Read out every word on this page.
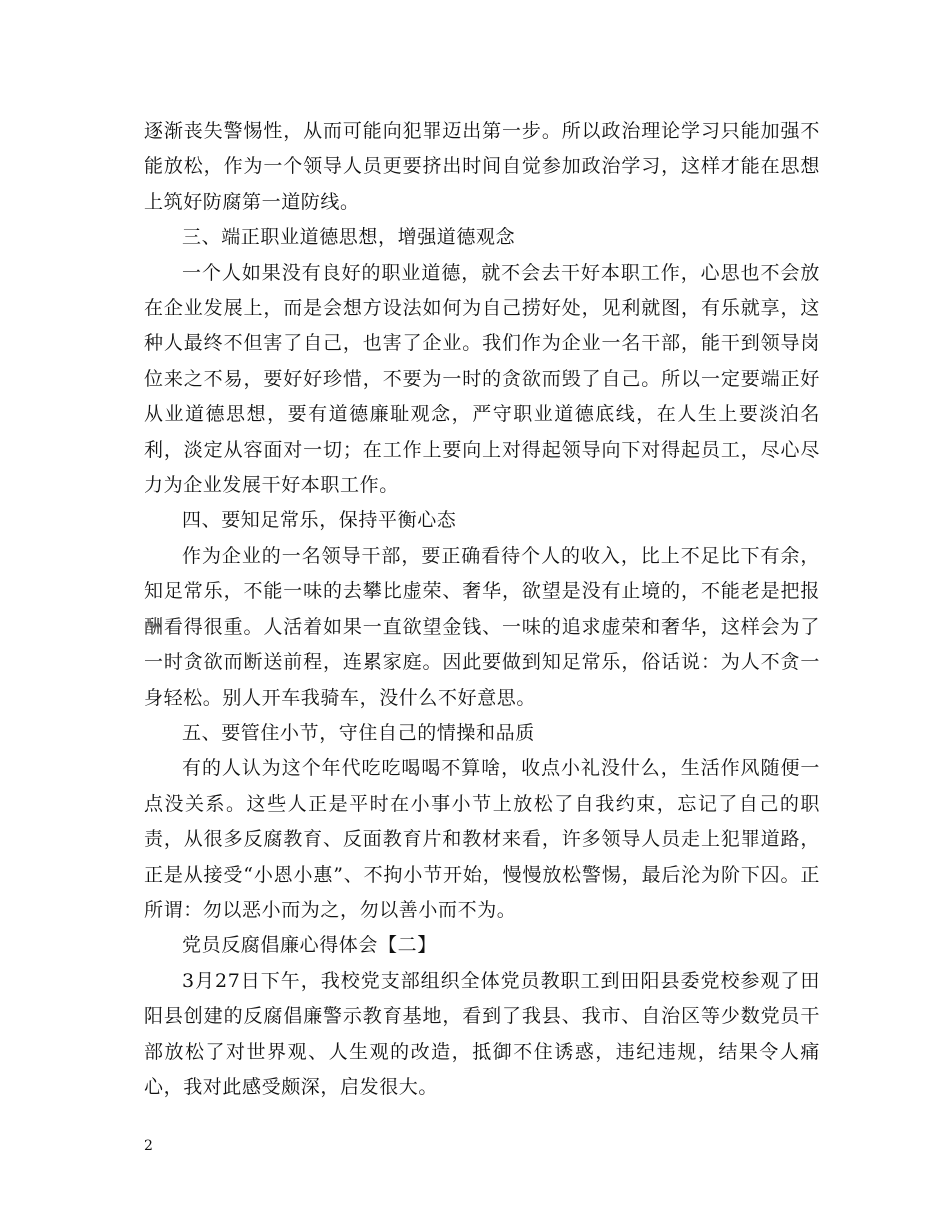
逐渐丧失警惕性，从而可能向犯罪迈出第一步。所以政治理论学习只能加强不能放松，作为一个领导人员更要挤出时间自觉参加政治学习，这样才能在思想上筑好防腐第一道防线。

三、端正职业道德思想，增强道德观念

一个人如果没有良好的职业道德，就不会去干好本职工作，心思也不会放在企业发展上，而是会想方设法如何为自己捞好处，见利就图，有乐就享，这种人最终不但害了自己，也害了企业。我们作为企业一名干部，能干到领导岗位来之不易，要好好珍惜，不要为一时的贪欲而毁了自己。所以一定要端正好从业道德思想，要有道德廉耻观念，严守职业道德底线，在人生上要淡泊名利，淡定从容面对一切；在工作上要向上对得起领导向下对得起员工，尽心尽力为企业发展干好本职工作。

四、要知足常乐，保持平衡心态

作为企业的一名领导干部，要正确看待个人的收入，比上不足比下有余，知足常乐，不能一味的去攀比虚荣、奢华，欲望是没有止境的，不能老是把报酬看得很重。人活着如果一直欲望金钱、一味的追求虚荣和奢华，这样会为了一时贪欲而断送前程，连累家庭。因此要做到知足常乐，俗话说：为人不贪一身轻松。别人开车我骑车，没什么不好意思。

五、要管住小节，守住自己的情操和品质

有的人认为这个年代吃吃喝喝不算啥，收点小礼没什么，生活作风随便一点没关系。这些人正是平时在小事小节上放松了自我约束，忘记了自己的职责，从很多反腐教育、反面教育片和教材来看，许多领导人员走上犯罪道路，正是从接受“小恩小惠”、不拘小节开始，慢慢放松警惕，最后沦为阶下囚。正所谓：勿以恶小而为之，勿以善小而不为。

党员反腐倡廉心得体会【二】

3月27日下午，我校党支部组织全体党员教职工到田阳县委党校参观了田阳县创建的反腐倡廉警示教育基地，看到了我县、我市、自治区等少数党员干部放松了对世界观、人生观的改造，抵御不住诱惑，违纪违规，结果令人痛心，我对此感受颇深，启发很大。

2
